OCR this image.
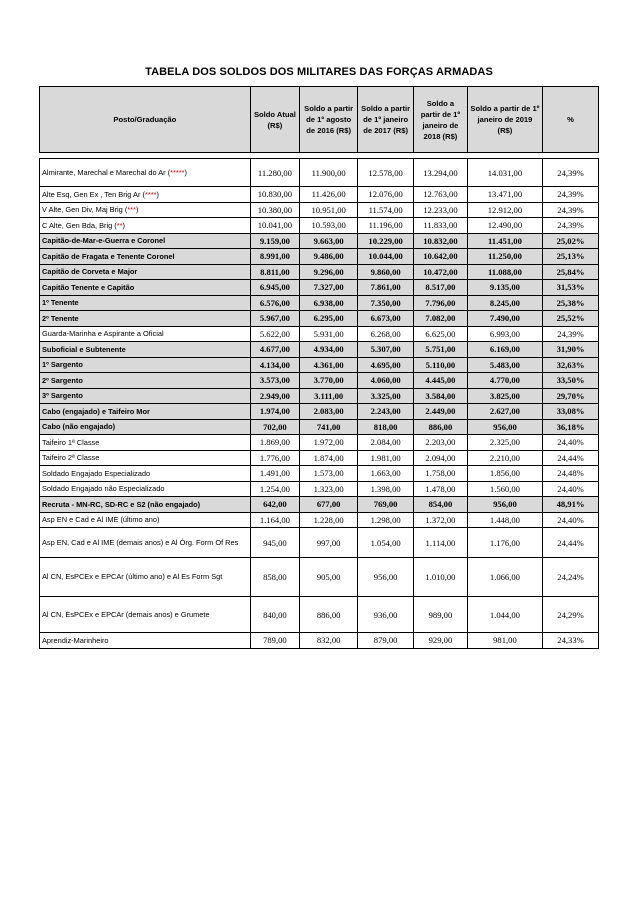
TABELA DOS SOLDOS DOS MILITARES DAS FORÇAS ARMADAS
Posto/Graduação	Soldo Atual (R$)	Soldo a partir de 1º agosto de 2016 (R$)	Soldo a partir de 1º janeiro de 2017 (R$)	Soldo a partir de 1º janeiro de 2018 (R$)	Soldo a partir de 1º janeiro de 2019 (R$)	%

Almirante, Marechal e Marechal do Ar (*****)	11.280,00	11.900,00	12.578,00	13.294,00	14.031,00	24,39%
Alte Esq, Gen Ex , Ten Brig Ar (****)	10.830,00	11.426,00	12.076,00	12.763,00	13.471,00	24,39%
V Alte, Gen Div, Maj Brig (***)	10.380,00	10.951,00	11.574,00	12.233,00	12.912,00	24,39%
C Alte, Gen Bda, Brig (**)	10.041,00	10.593,00	11.196,00	11.833,00	12.490,00	24,39%
Capitão-de-Mar-e-Guerra e Coronel	9.159,00	9.663,00	10.229,00	10.832,00	11.451,00	25,02%
Capitão de Fragata e Tenente Coronel	8.991,00	9.486,00	10.044,00	10.642,00	11.250,00	25,13%
Capitão de Corveta e Major	8.811,00	9.296,00	9.860,00	10.472,00	11.088,00	25,84%
Capitão Tenente e Capitão	6.945,00	7.327,00	7.861,00	8.517,00	9.135,00	31,53%
1º Tenente	6.576,00	6.938,00	7.350,00	7.796,00	8.245,00	25,38%
2º Tenente	5.967,00	6.295,00	6.673,00	7.082,00	7.490,00	25,52%
Guarda-Marinha e Aspirante a Oficial	5.622,00	5.931,00	6.268,00	6.625,00	6.993,00	24,39%
Suboficial e Subtenente	4.677,00	4.934,00	5.307,00	5.751,00	6.169,00	31,90%
1º Sargento	4.134,00	4.361,00	4.695,00	5.110,00	5.483,00	32,63%
2º Sargento	3.573,00	3.770,00	4.060,00	4.445,00	4.770,00	33,50%
3º Sargento	2.949,00	3.111,00	3.325,00	3.584,00	3.825,00	29,70%
Cabo (engajado) e Taifeiro Mor	1.974,00	2.083,00	2.243,00	2.449,00	2.627,00	33,08%
Cabo (não engajado)	702,00	741,00	818,00	886,00	956,00	36,18%
Taifeiro 1ª Classe	1.869,00	1.972,00	2.084,00	2.203,00	2.325,00	24,40%
Taifeiro 2ª Classe	1.776,00	1.874,00	1.981,00	2.094,00	2.210,00	24,44%
Soldado Engajado Especializado	1.491,00	1.573,00	1.663,00	1.758,00	1.856,00	24,48%
Soldado Engajado não Especializado	1.254,00	1.323,00	1.398,00	1.478,00	1.560,00	24,40%
Recruta - MN-RC, SD-RC e S2 (não engajado)	642,00	677,00	769,00	854,00	956,00	48,91%
Asp EN e Cad e Al IME (último ano)	1.164,00	1.228,00	1.298,00	1.372,00	1.448,00	24,40%
Asp EN, Cad e Al IME (demais anos) e Al Órg. Form Of Res	945,00	997,00	1.054,00	1.114,00	1.176,00	24,44%
Al CN, EsPCEx e EPCAr (último ano) e Al Es Form Sgt	858,00	905,00	956,00	1.010,00	1.066,00	24,24%
Al CN, EsPCEx e EPCAr (demais anos) e Grumete	840,00	886,00	936,00	989,00	1.044,00	24,29%
Aprendiz-Marinheiro	789,00	832,00	879,00	929,00	981,00	24,33%
